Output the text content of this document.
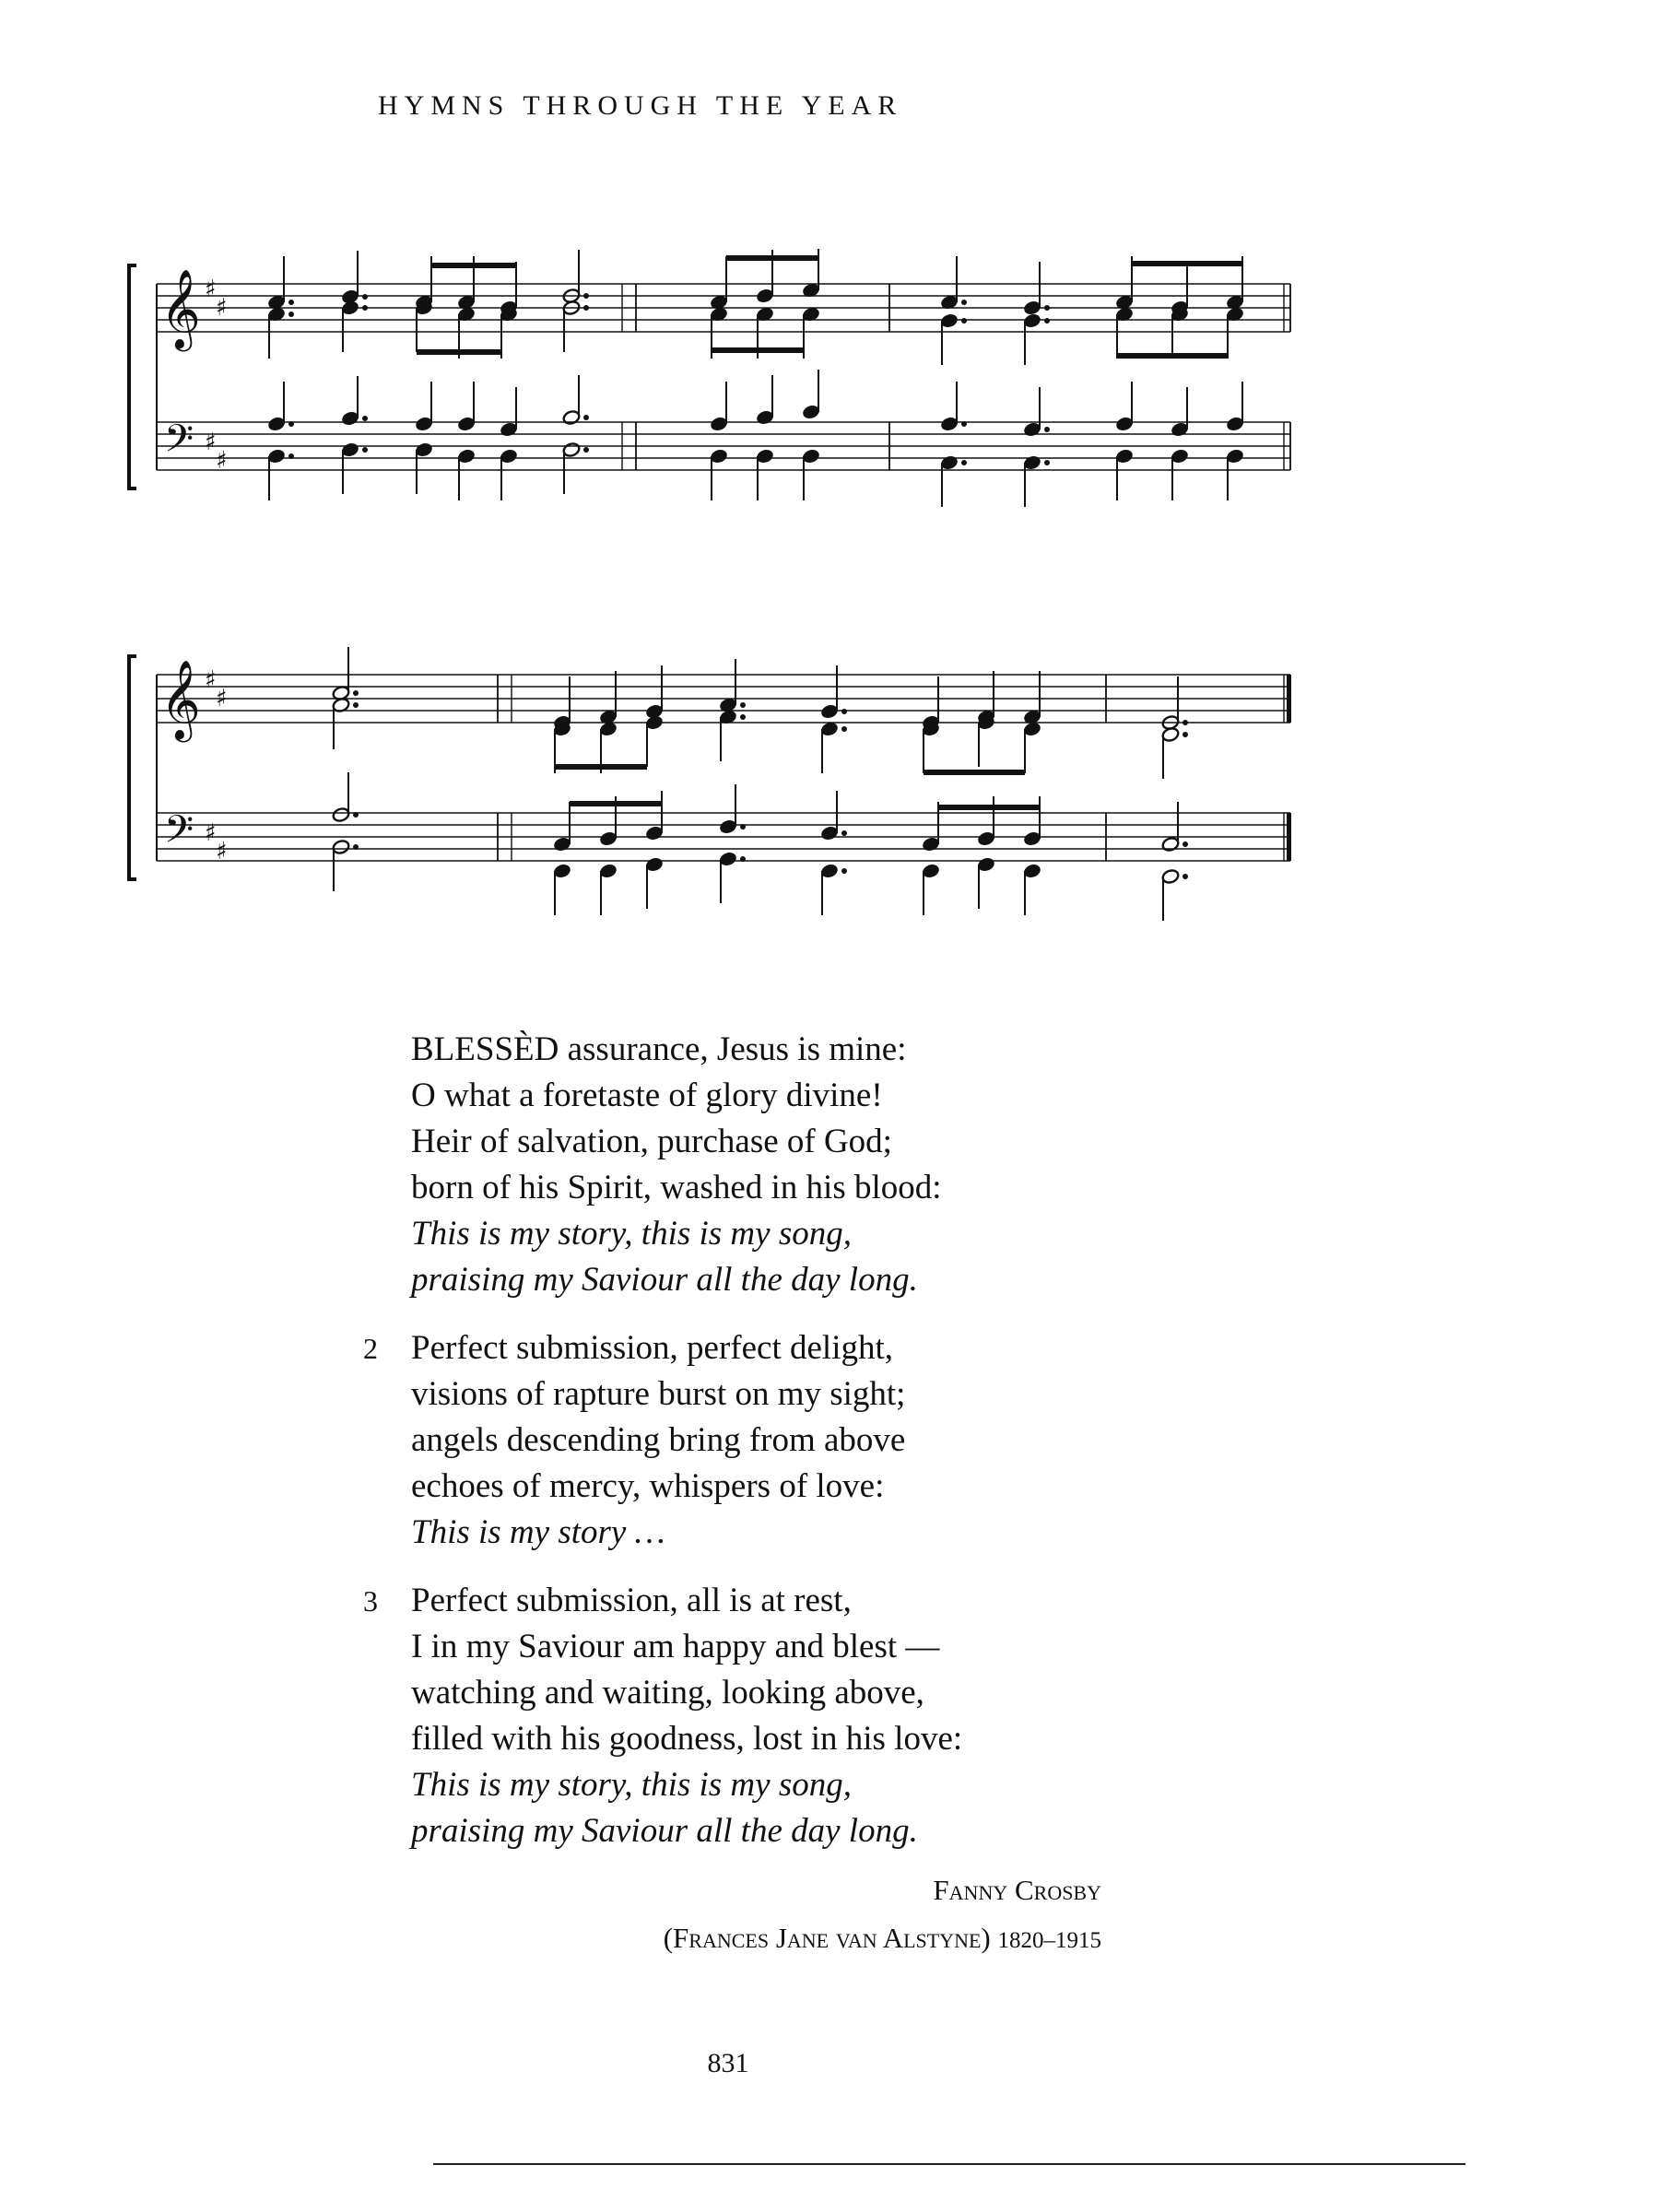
HYMNS THROUGH THE YEAR
𝄞
𝄢
♯
♯
♯
♯
𝄞
𝄢
♯
♯
♯
♯
BLESSÈD assurance, Jesus is mine:
O what a foretaste of glory divine!
Heir of salvation, purchase of God;
born of his Spirit, washed in his blood:
This is my story, this is my song,
praising my Saviour all the day long.
2 Perfect submission, perfect delight,
visions of rapture burst on my sight;
angels descending bring from above
echoes of mercy, whispers of love:
This is my story …
3 Perfect submission, all is at rest,
I in my Saviour am happy and blest —
watching and waiting, looking above,
filled with his goodness, lost in his love:
This is my story, this is my song,
praising my Saviour all the day long.
Fanny Crosby
(Frances Jane van Alstyne) 1820–1915
831
